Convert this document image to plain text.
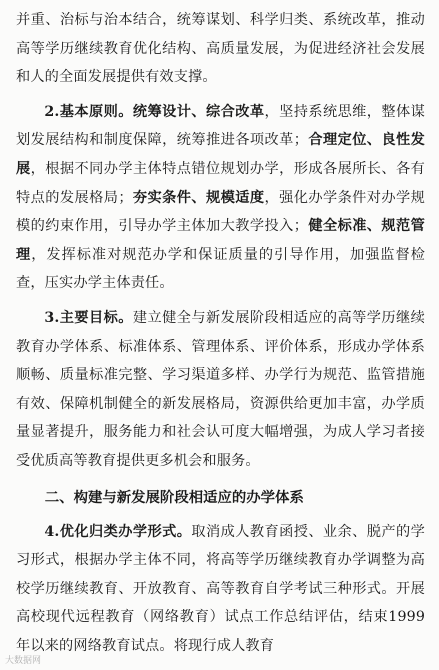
并重、治标与治本结合，统筹谋划、科学归类、系统改革，推动高等学历继续教育优化结构、高质量发展，为促进经济社会发展和人的全面发展提供有效支撑。

2.基本原则。统筹设计、综合改革，坚持系统思维，整体谋划发展结构和制度保障，统筹推进各项改革；合理定位、良性发展，根据不同办学主体特点错位规划办学，形成各展所长、各有特点的发展格局；夯实条件、规模适度，强化办学条件对办学规模的约束作用，引导办学主体加大教学投入；健全标准、规范管理，发挥标准对规范办学和保证质量的引导作用，加强监督检查，压实办学主体责任。

3.主要目标。建立健全与新发展阶段相适应的高等学历继续教育办学体系、标准体系、管理体系、评价体系，形成办学体系顺畅、质量标准完整、学习渠道多样、办学行为规范、监管措施有效、保障机制健全的新发展格局，资源供给更加丰富，办学质量显著提升，服务能力和社会认可度大幅增强，为成人学习者接受优质高等教育提供更多机会和服务。

二、构建与新发展阶段相适应的办学体系

4.优化归类办学形式。取消成人教育函授、业余、脱产的学习形式，根据办学主体不同，将高等学历继续教育办学调整为高校学历继续教育、开放教育、高等教育自学考试三种形式。开展高校现代远程教育（网络教育）试点工作总结评估，结束1999年以来的网络教育试点。将现行成人教育

大数据网
